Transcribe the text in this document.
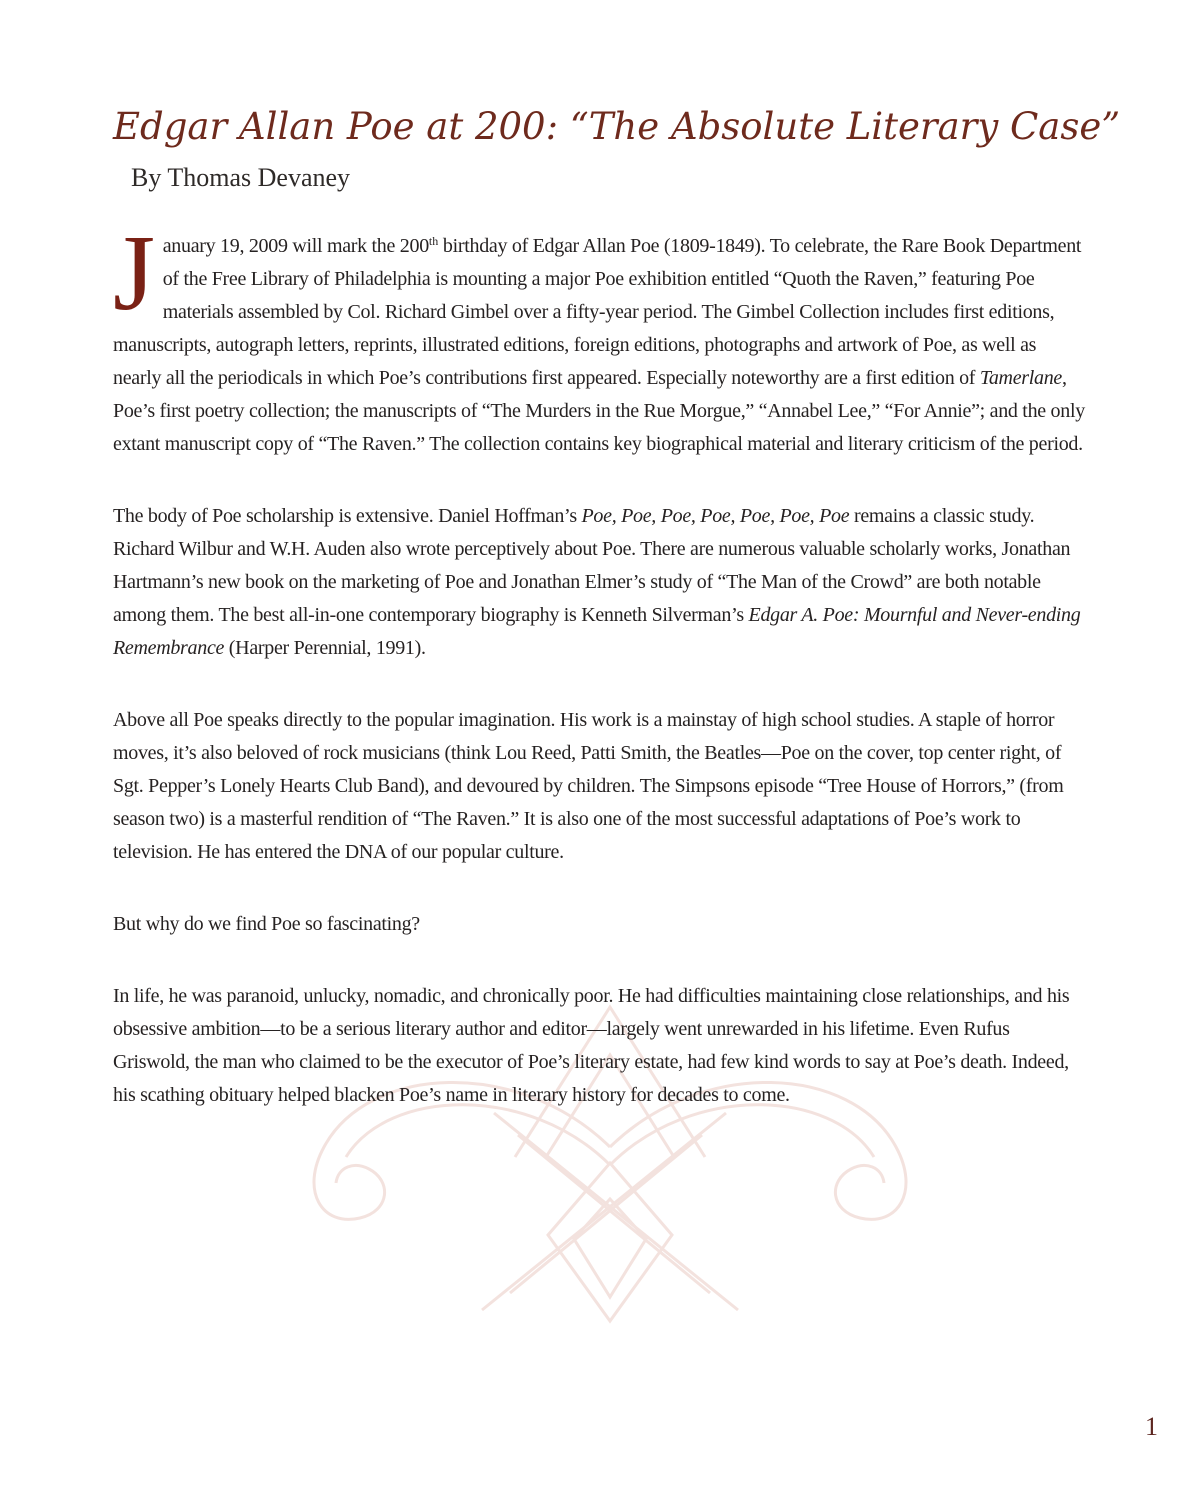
Edgar Allan Poe at 200: “The Absolute Literary Case”
By Thomas Devaney

January 19, 2009 will mark the 200th birthday of Edgar Allan Poe (1809-1849). To celebrate, the Rare Book Department of the Free Library of Philadelphia is mounting a major Poe exhibition entitled “Quoth the Raven,” featuring Poe materials assembled by Col. Richard Gimbel over a fifty-year period. The Gimbel Collection includes first editions, manuscripts, autograph letters, reprints, illustrated editions, foreign editions, photographs and artwork of Poe, as well as nearly all the periodicals in which Poe’s contributions first appeared. Especially noteworthy are a first edition of Tamerlane, Poe’s first poetry collection; the manuscripts of “The Murders in the Rue Morgue,” “Annabel Lee,” “For Annie”; and the only extant manuscript copy of “The Raven.” The collection contains key biographical material and literary criticism of the period.

The body of Poe scholarship is extensive. Daniel Hoffman’s Poe, Poe, Poe, Poe, Poe, Poe, Poe remains a classic study. Richard Wilbur and W.H. Auden also wrote perceptively about Poe. There are numerous valuable scholarly works, Jonathan Hartmann’s new book on the marketing of Poe and Jonathan Elmer’s study of “The Man of the Crowd” are both notable among them. The best all-in-one contemporary biography is Kenneth Silverman’s Edgar A. Poe: Mournful and Never-ending Remembrance (Harper Perennial, 1991).

Above all Poe speaks directly to the popular imagination. His work is a mainstay of high school studies. A staple of horror moves, it’s also beloved of rock musicians (think Lou Reed, Patti Smith, the Beatles—Poe on the cover, top center right, of Sgt. Pepper’s Lonely Hearts Club Band), and devoured by children. The Simpsons episode “Tree House of Horrors,” (from season two) is a masterful rendition of “The Raven.” It is also one of the most successful adaptations of Poe’s work to television. He has entered the DNA of our popular culture.

But why do we find Poe so fascinating?

In life, he was paranoid, unlucky, nomadic, and chronically poor. He had difficulties maintaining close relationships, and his obsessive ambition—to be a serious literary author and editor—largely went unrewarded in his lifetime. Even Rufus Griswold, the man who claimed to be the executor of Poe’s literary estate, had few kind words to say at Poe’s death. Indeed, his scathing obituary helped blacken Poe’s name in literary history for decades to come.

1
